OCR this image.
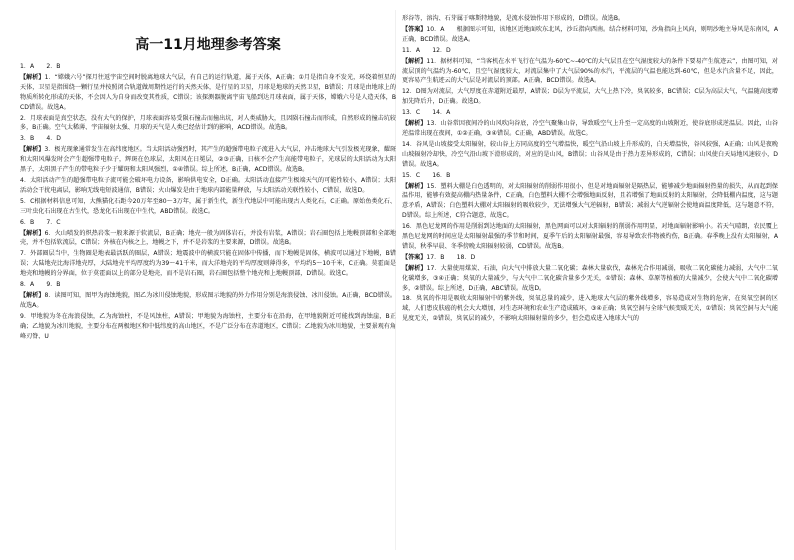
高一11月地理参考答案
1．A　　2．B
【解析】1．“嫦娥六号”探月往返宇宙空间时脱离地球大气层，有自己的运行轨道，属于天体，A正确；①月是指自身不发光，环绕着恒星的天体，卫星是指围绕一颗行星并按照闭合轨道做周期性运行的天然天体，是行星的卫星，月球是地球的天然卫星，B错误；月球是由地球上的物质所转化形成的天体，不会因人为自身而改变其性质，C错误；该探测器脱离宇宙飞船到达月球表面，属于天体，嫦娥六号是人造天体，BCD错误。故选A。
2．月球表面是真空状态，没有大气的保护，月球表面容易受陨石撞击而撞出坑，对人类威胁大，且因陨石撞击而形成，自然形成的撞击坑较多，B正确。空气太稀薄、宇宙辐射太强、月球的天气是人类已经估计到的影响，ACD错误。故选B。
3．B　　4．D
【解析】3．极光现象通常发生在高纬度地区。当太阳活动强烈时，其产生的超强带电粒子流进入大气层，冲击地球大气引发极光现象，耀斑和太阳风爆发时会产生超强带电粒子，辉斑在色球层，太阳风在日冕层，②③正确，日核不会产生高能带电粒子，光球层的太阳活动为太阳黑子，太阳黑子产生的带电粒子少于耀斑和太阳风强烈，①④错误。综上所述，B正确，ACD错误。故选B。
4．太阳活动产生的超强带电粒子流可能会破坏电力设备，影响供电安全，D正确。太阳活动直接产生极端天气的可能性较小，A错误；太阳活动会干扰电离层，影响无线电短波通信，B错误；火山爆发是由于地球内部能量释放，与太阳活动关联性较小，C错误，故选D。
5．C根据材料信息可知，大熊猫化石距今20万年至80～3万年，属于新生代，新生代地层中可能出现古人类化石，C正确。原始鱼类化石、三叶虫化石出现在古生代，恐龙化石出现在中生代，ABD错误。故选C。
6．B　　7．C
【解析】6．火山喷发的炽热岩浆一般来源于软流层，B正确；地壳一般为固体岩石，并没有岩浆，A错误；岩石圈包括上地幔顶部和全部地壳，并不包括软流层，C错误；外核在内核之上，地幔之下，并不是岩浆的主要来源，D错误。故选B。
7．外部圈层当中，生物圈是地表最活跃的圈层，A错误；地震波中的横波只能在固体中传播，而下地幔是固体，横波可以通过下地幔，B错误；大陆地壳比海洋地壳厚，大陆地壳平均厚度约为39～41千米，而大洋地壳的平均厚度则薄得多，平均约5～10千米，C正确。莫霍面是地壳和地幔的分界面，位于莫霍面以上的部分是地壳，而不是岩石圈，岩石圈包括整个地壳和上地幔顶部，D错误。故选C。
8．A　　9．B
【解析】8．读图可知，图甲为海蚀地貌，图乙为冰川侵蚀地貌，形成图示地貌的外力作用分别是海浪侵蚀、冰川侵蚀。A正确，BCD错误。故选A。
9．甲地貌为冬在海浪侵蚀，乙为海蚀柱，不是风蚀柱，A错误；甲地貌为海蚀柱，主要分布在沿海，在甲地貌附近可能找到海蚀崖，B正确；乙地貌为冰川地貌，主要分布在两极地区和中低纬度的高山地区，不是广泛分布在赤道地区，C错误；乙地貌为冰川地貌，主要景观有角峰刃脊、U
形谷等，溶沟、石芽属于喀斯特地貌，是流水侵蚀作用下形成的，D错误。故选B。
【答案】10．A　　根据图示可知，该地区近地面吹东北风，沙丘指向西南。结合材料可知，沙角指向上风向，则明沙地主导风是东南风，A正确，BCD错误。故选A。
11．A　　12．D
【解析】11．据材料可知，“当客机在水平飞行在气温为-60℃~-40℃的大气层且在空气湿度较大的条件下要易产生航迹云”，由图可知，对流层顶的气温约为-60℃，且空气湿度较大，对流层集中了大气层90%的水汽，平流层的气温也能达到-60℃，但是水汽含量不足，因此，更容易产生航迹云的大气层是对流层的顶部。A正确，BCD错误。故选A。
12．D图为对流层，大气厚度在赤道附近最厚，A错误；D层为平流层，大气上热下冷，臭氧较多，BC错误；C层为高层大气，气温随高度增加先降后升，D正确。故选D。
13．C　　14．A
【解析】13．山谷常因夜间冷的山风吹向谷底，冷空气聚集山谷，导致暖空气上升至一定高度的山坡附近，使谷底形成逆温层。因此，山谷逆温常出现在夜间，①②正确，③④错误。C正确，ABD错误。故选C。
14．谷风是山坡接受太阳辐射，较山谷上方同高度的空气增温快，暖空气沿山坡上升形成的，白天增温快，谷风较强，A正确；山风是夜晚山坡辐射冷却快，冷空气沿山坡下滑形成的，对应的是山风，B错误；山谷风是由于热力差异形成的，C错误；山风使白天局地风速较小，D错误。故选A。
15．C　　16．B
【解析】15．塑料大棚是白色透明的，对太阳辐射的削弱作用很小，但是对地面辐射是隔热层，能够减少地面辐射热量的损失，从而起到保温作用，能够有效提高棚内热量条件，C正确，白色塑料大棚不会增强地面反射，且若增强了地面反射的太阳辐射，会降低棚内温度，这与题意矛盾，A错误；白色塑料大棚对太阳辐射的吸收较少，无法增强大气逆辐射，B错误；减弱大气逆辐射会使地面温度降低，这与题意不符，D错误。综上所述，C符合题意，故选C。
16．黑色尼龙网的作用是削弱到达地面的太阳辐射，黑色网面可以对太阳辐射的削弱作用明显，对地面辐射影响小。若天气晴朗，农民覆上黑色尼龙网的时间应是太阳辐射最强的季节和时间，夏季午后的太阳辐射最强，容易导致农作物被灼伤，B正确。春季晚上没有太阳辐射，A错误，秋季早晨、冬季傍晚太阳辐射较弱，CD错误。故选B。
【答案】17．B　　18．D
【解析】17．大量使用煤炭、石油，向大气中排放大量二氧化碳；森林大量砍伐，森林光合作用减弱，吸收二氧化碳能力减弱，大气中二氧化碳增多，③④正确；臭氧的大量减少，与大气中二氧化碳含量多少无关，①错误；森林、草原等植被的大量减少，会使大气中二氧化碳增多，②错误。综上所述，D正确，ABC错误。故选D。
18．臭氧的作用是吸收太阳辐射中的紫外线，臭氧总量的减少，进入地球大气层的紫外线增多，容易造成对生物的危害，在臭氧空洞的区域，人们患皮肤癌的机会大大增加，对生态环境和农业生产造成破坏，③④正确；臭氧空洞与全球气候变暖无关，①错误；臭氧空洞与大气能见度无关，②错误，臭氧层的减少，不影响太阳辐射量的多少，但会造成进入地球大气的
